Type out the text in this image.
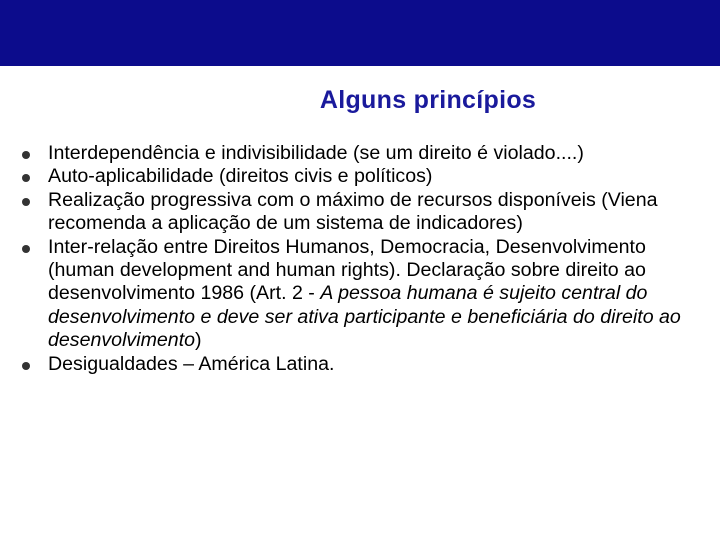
Alguns princípios
Interdependência e indivisibilidade (se um direito é violado....)
Auto-aplicabilidade (direitos civis e políticos)
Realização progressiva com o máximo de recursos disponíveis (Viena recomenda a aplicação de um sistema de indicadores)
Inter-relação entre Direitos Humanos, Democracia, Desenvolvimento (human development and human rights). Declaração sobre direito ao desenvolvimento 1986 (Art. 2 - A pessoa humana é sujeito central do desenvolvimento e deve ser ativa participante e beneficiária do direito ao desenvolvimento)
Desigualdades – América Latina.
